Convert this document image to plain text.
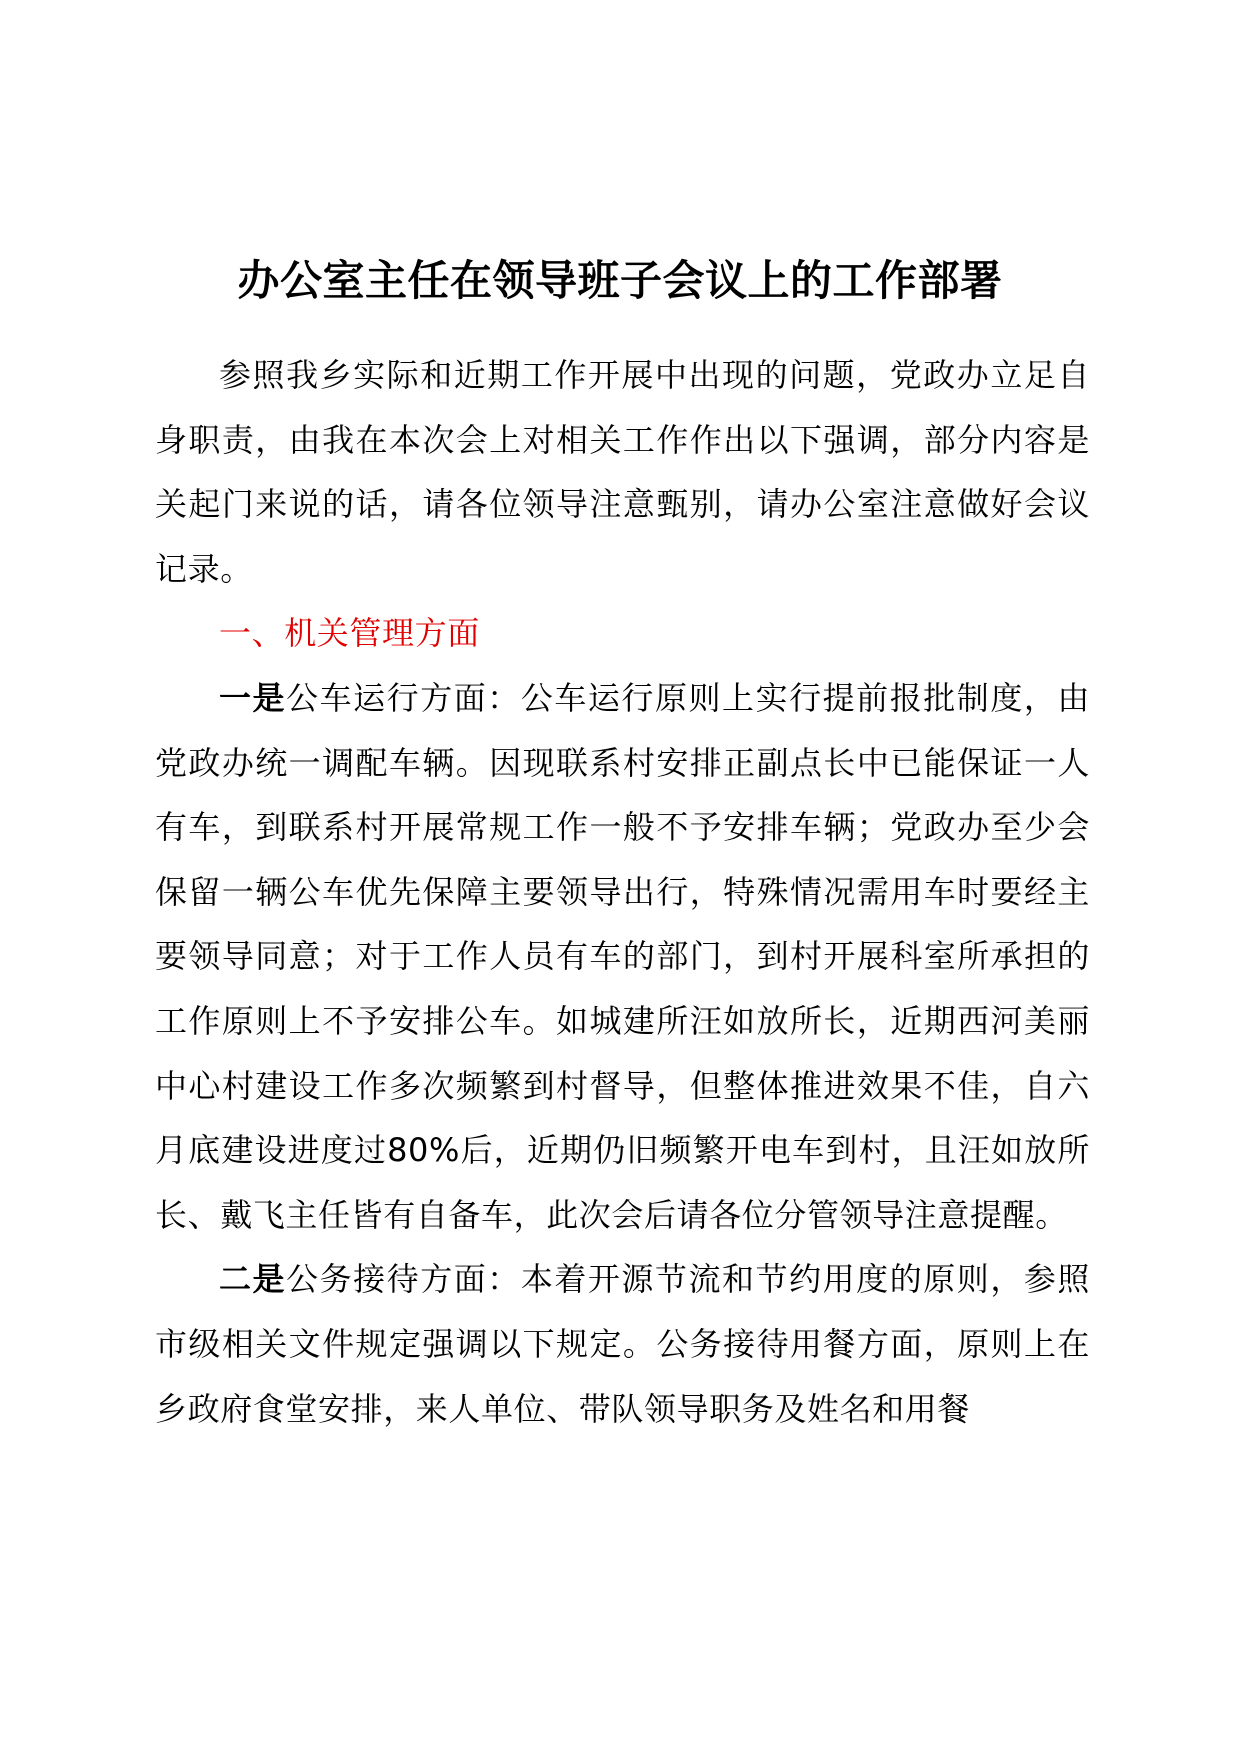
办公室主任在领导班子会议上的工作部署

参照我乡实际和近期工作开展中出现的问题，党政办立足自身职责，由我在本次会上对相关工作作出以下强调，部分内容是关起门来说的话，请各位领导注意甄别，请办公室注意做好会议记录。

一、机关管理方面

一是公车运行方面：公车运行原则上实行提前报批制度，由党政办统一调配车辆。因现联系村安排正副点长中已能保证一人有车，到联系村开展常规工作一般不予安排车辆；党政办至少会保留一辆公车优先保障主要领导出行，特殊情况需用车时要经主要领导同意；对于工作人员有车的部门，到村开展科室所承担的工作原则上不予安排公车。如城建所汪如放所长，近期西河美丽中心村建设工作多次频繁到村督导，但整体推进效果不佳，自六月底建设进度过80%后，近期仍旧频繁开电车到村，且汪如放所长、戴飞主任皆有自备车，此次会后请各位分管领导注意提醒。

二是公务接待方面：本着开源节流和节约用度的原则，参照市级相关文件规定强调以下规定。公务接待用餐方面，原则上在乡政府食堂安排，来人单位、带队领导职务及姓名和用餐
